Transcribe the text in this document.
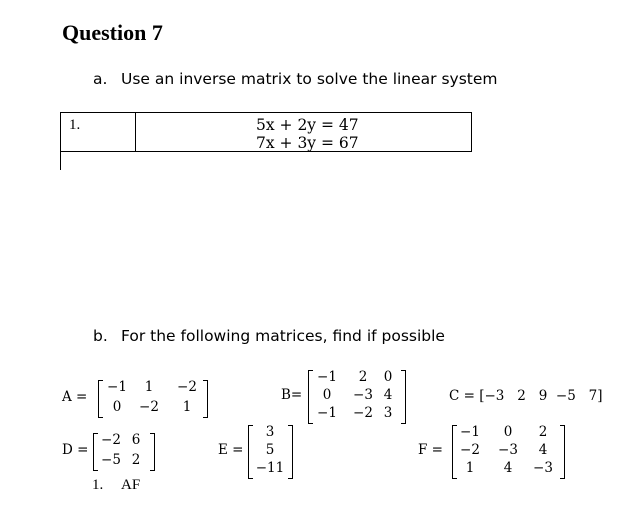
Question 7
a. Use an inverse matrix to solve the linear system
1.	5x + 2y = 47
7x + 3y = 67
b. For the following matrices, find if possible
A =
−1	1	−2
0	−2	1
B=
−1	2	0
0	−3 4
−1 −2 3
C = [−3   2   9  −5   7]
D =
−2 6
−5 2
E =
3
5
−11
F =
−1	0	2
−2 −3	4
1	4	−3
1. AF
